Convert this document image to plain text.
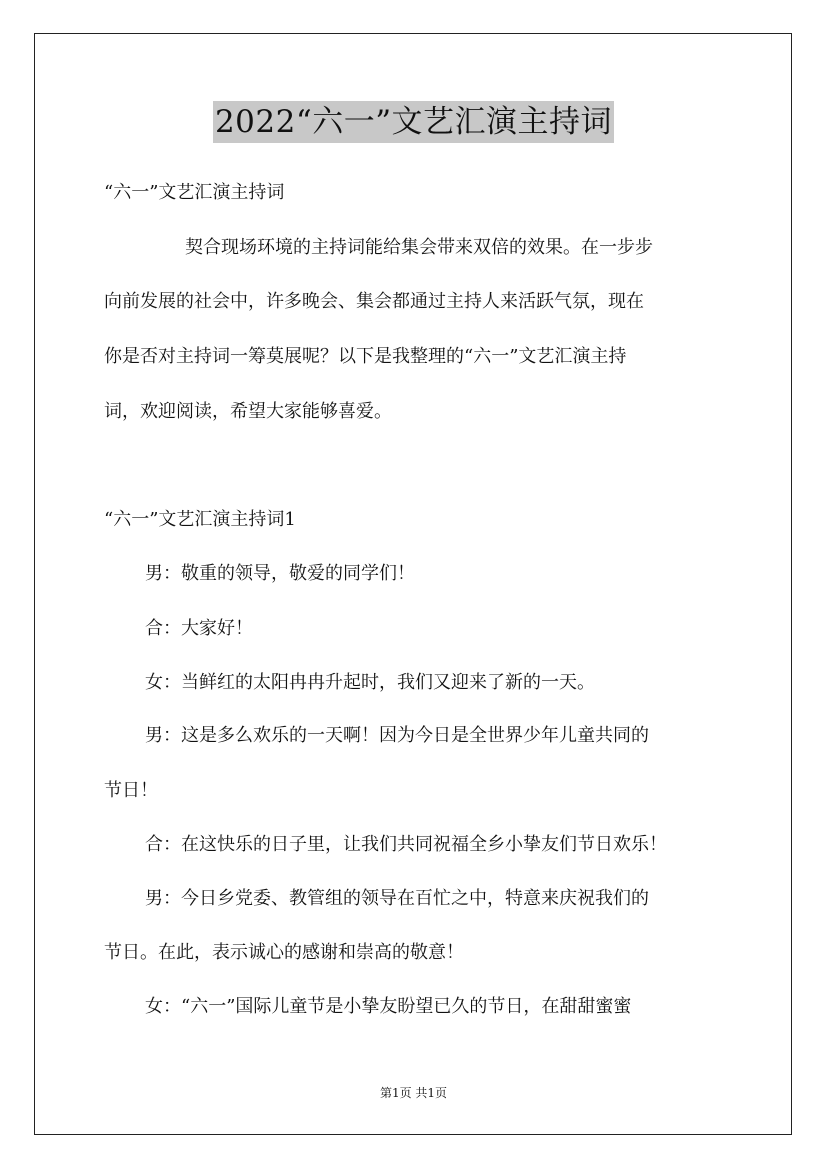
2022“六一”文艺汇演主持词
“六一”文艺汇演主持词
契合现场环境的主持词能给集会带来双倍的效果。在一步步
向前发展的社会中，许多晚会、集会都通过主持人来活跃气氛，现在
你是否对主持词一筹莫展呢？以下是我整理的“六一”文艺汇演主持
词，欢迎阅读，希望大家能够喜爱。
“六一”文艺汇演主持词1
男：敬重的领导，敬爱的同学们！
合：大家好！
女：当鲜红的太阳冉冉升起时，我们又迎来了新的一天。
男：这是多么欢乐的一天啊！因为今日是全世界少年儿童共同的
节日！
合：在这快乐的日子里，让我们共同祝福全乡小挚友们节日欢乐！
男：今日乡党委、教管组的领导在百忙之中，特意来庆祝我们的
节日。在此，表示诚心的感谢和崇高的敬意！
女：“六一”国际儿童节是小挚友盼望已久的节日，在甜甜蜜蜜
第1页 共1页
